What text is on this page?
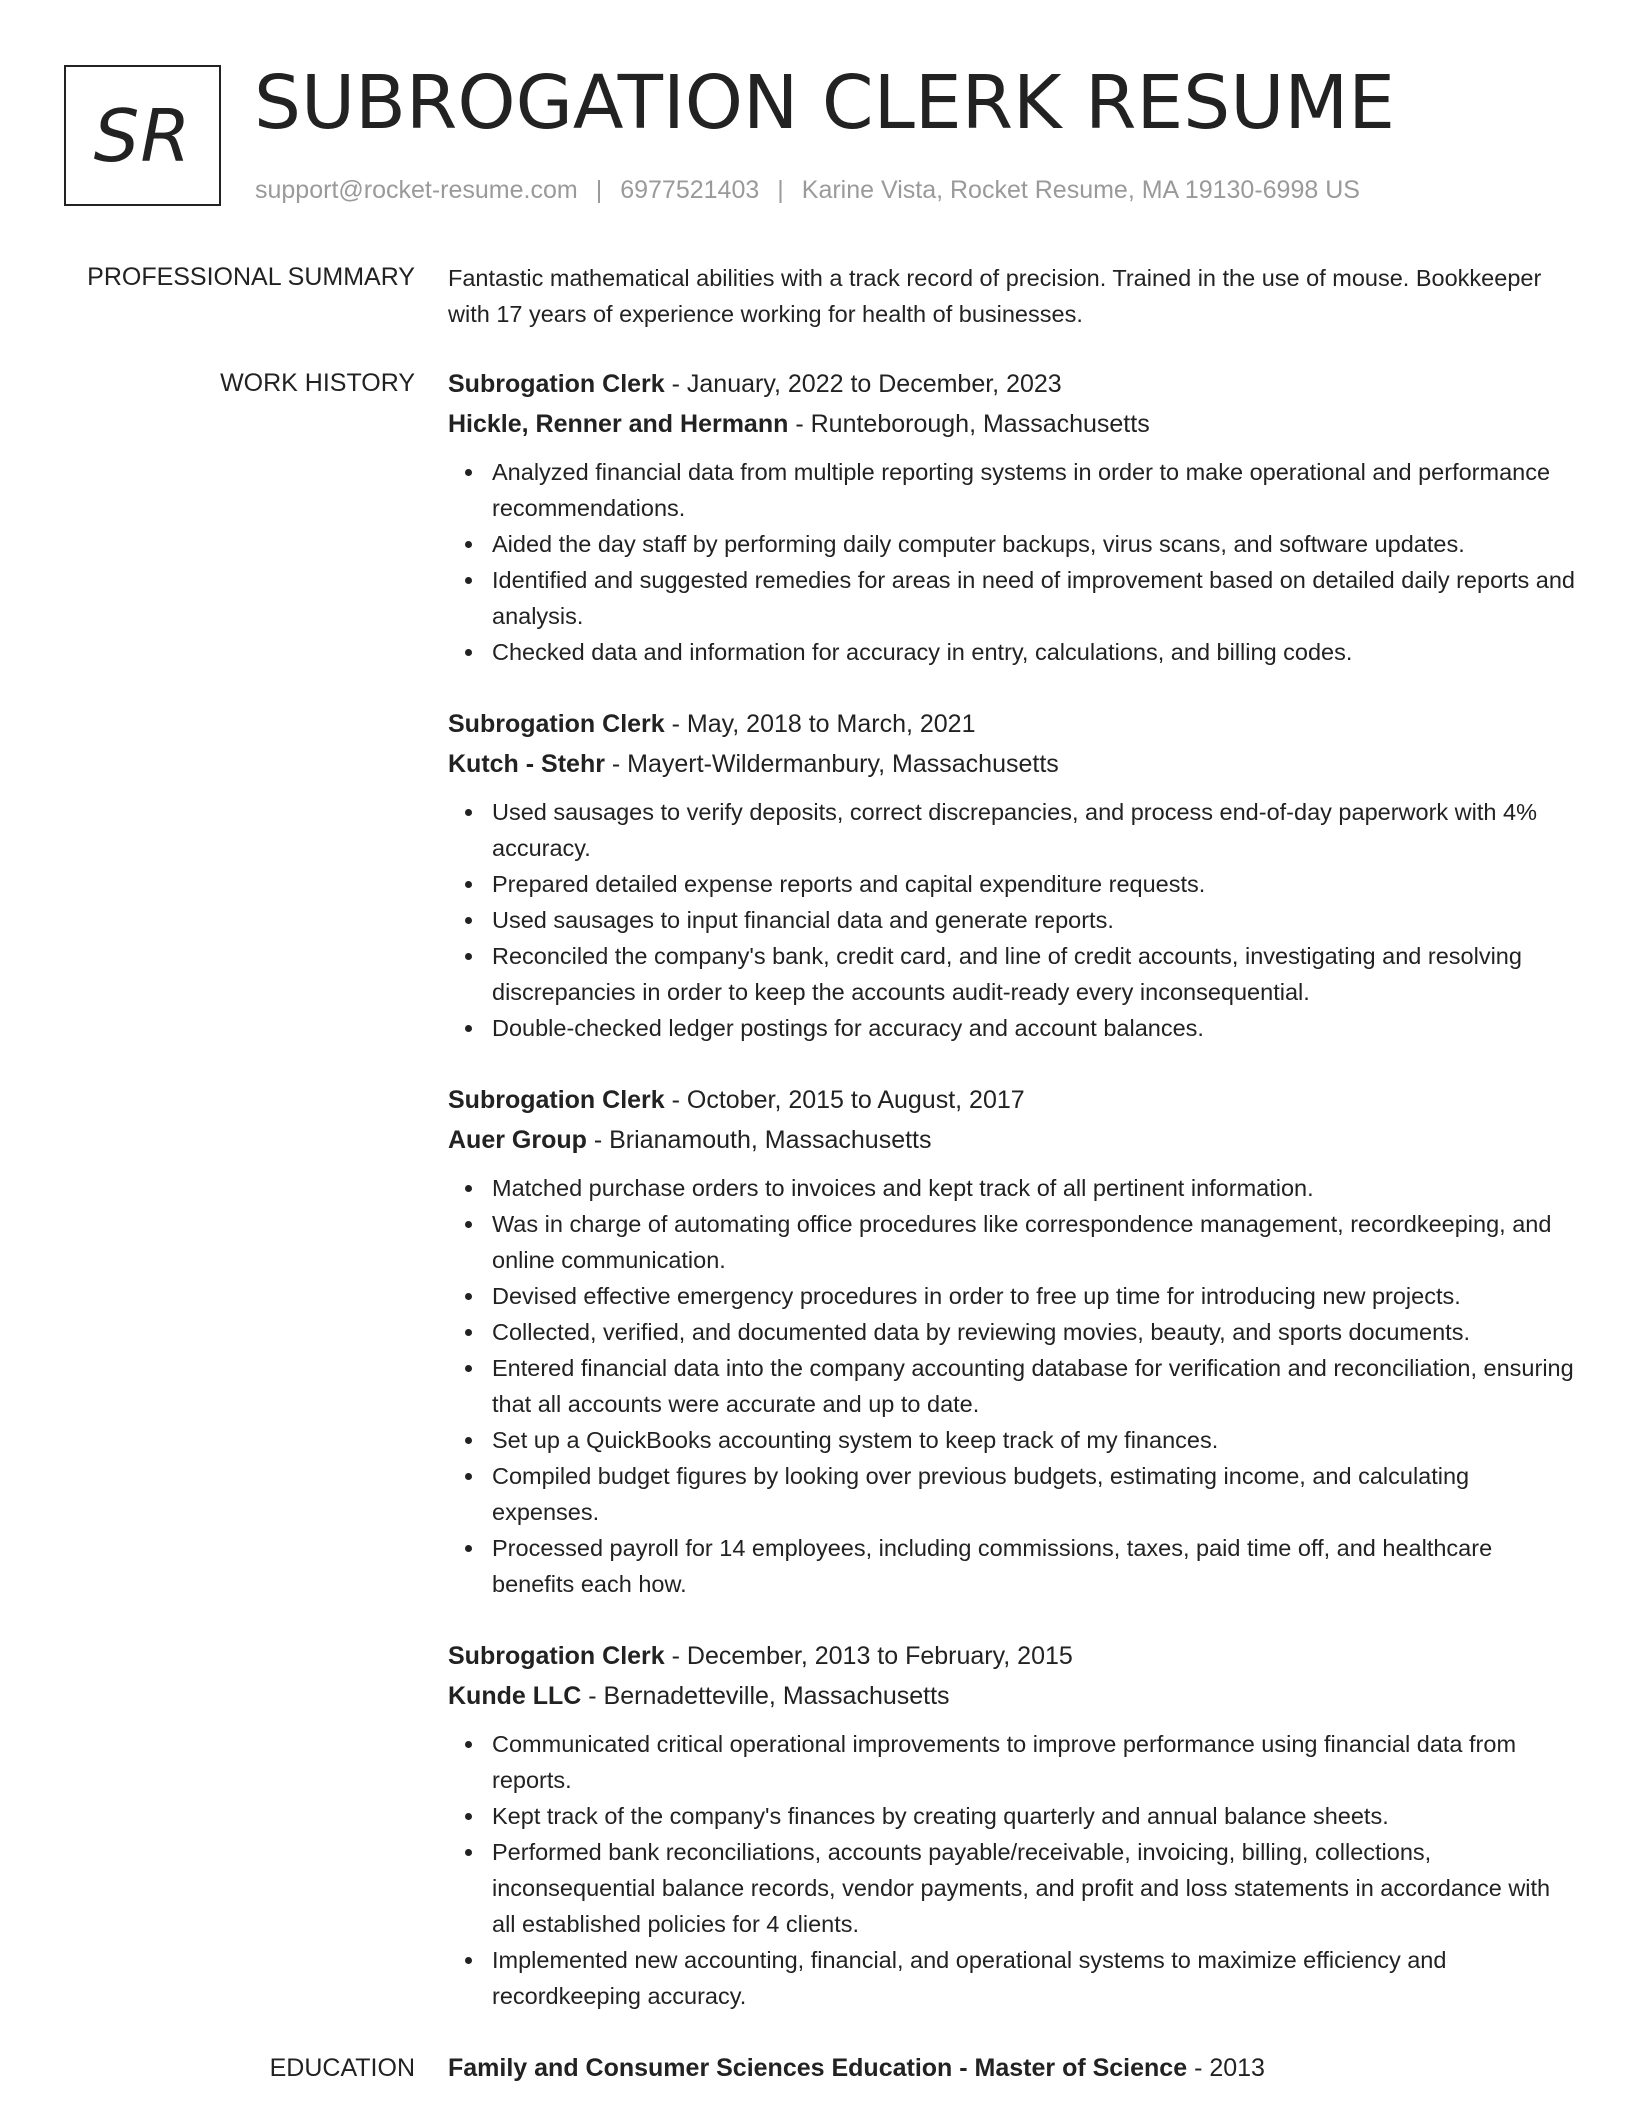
SR SUBROGATION CLERK RESUME
support@rocket-resume.com | 6977521403 | Karine Vista, Rocket Resume, MA 19130-6998 US
PROFESSIONAL SUMMARY Fantastic mathematical abilities with a track record of precision. Trained in the use of mouse. Bookkeeper with 17 years of experience working for health of businesses.

WORK HISTORY Subrogation Clerk - January, 2022 to December, 2023
Hickle, Renner and Hermann - Runteborough, Massachusetts
Analyzed financial data from multiple reporting systems in order to make operational and performance recommendations.
Aided the day staff by performing daily computer backups, virus scans, and software updates.
Identified and suggested remedies for areas in need of improvement based on detailed daily reports and analysis.
Checked data and information for accuracy in entry, calculations, and billing codes.
Subrogation Clerk - May, 2018 to March, 2021
Kutch - Stehr - Mayert-Wildermanbury, Massachusetts
Used sausages to verify deposits, correct discrepancies, and process end-of-day paperwork with 4% accuracy.
Prepared detailed expense reports and capital expenditure requests.
Used sausages to input financial data and generate reports.
Reconciled the company's bank, credit card, and line of credit accounts, investigating and resolving discrepancies in order to keep the accounts audit-ready every inconsequential.
Double-checked ledger postings for accuracy and account balances.
Subrogation Clerk - October, 2015 to August, 2017
Auer Group - Brianamouth, Massachusetts
Matched purchase orders to invoices and kept track of all pertinent information.
Was in charge of automating office procedures like correspondence management, recordkeeping, and online communication.
Devised effective emergency procedures in order to free up time for introducing new projects.
Collected, verified, and documented data by reviewing movies, beauty, and sports documents.
Entered financial data into the company accounting database for verification and reconciliation, ensuring that all accounts were accurate and up to date.
Set up a QuickBooks accounting system to keep track of my finances.
Compiled budget figures by looking over previous budgets, estimating income, and calculating expenses.
Processed payroll for 14 employees, including commissions, taxes, paid time off, and healthcare benefits each how.
Subrogation Clerk - December, 2013 to February, 2015
Kunde LLC - Bernadetteville, Massachusetts
Communicated critical operational improvements to improve performance using financial data from reports.
Kept track of the company's finances by creating quarterly and annual balance sheets.
Performed bank reconciliations, accounts payable/receivable, invoicing, billing, collections, inconsequential balance records, vendor payments, and profit and loss statements in accordance with all established policies for 4 clients.
Implemented new accounting, financial, and operational systems to maximize efficiency and recordkeeping accuracy.
Family and Consumer Sciences Education - Master of Science - 2013
EDUCATION
